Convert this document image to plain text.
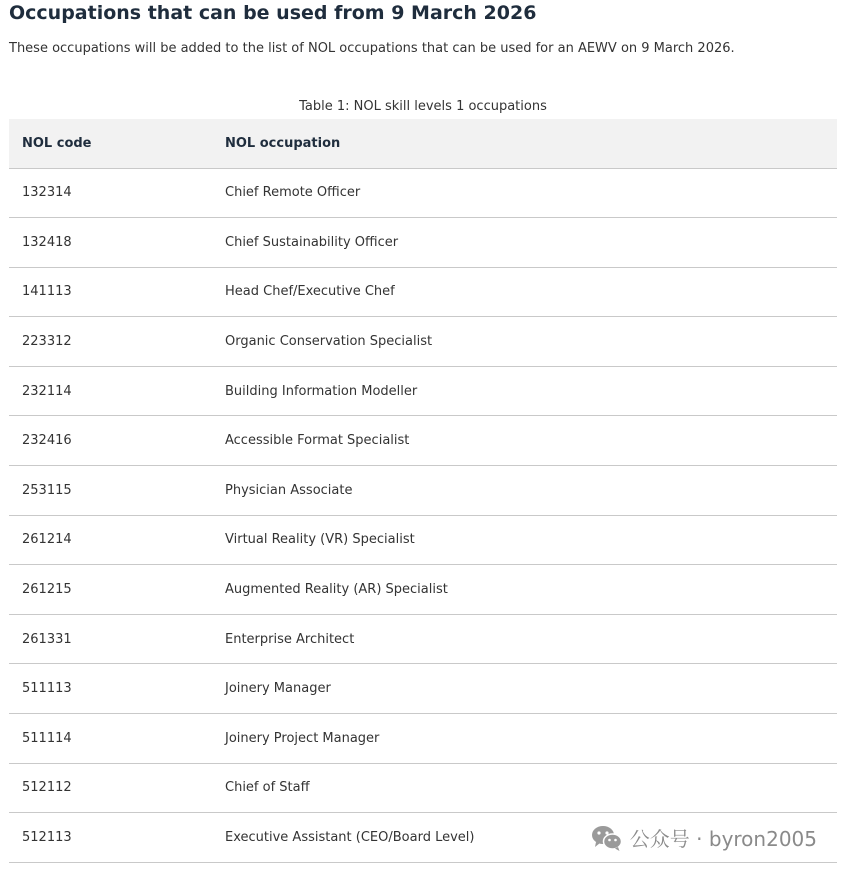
Occupations that can be used from 9 March 2026
These occupations will be added to the list of NOL occupations that can be used for an AEWV on 9 March 2026.
Table 1: NOL skill levels 1 occupations
NOL code	NOL occupation
132314	Chief Remote Officer
132418	Chief Sustainability Officer
141113	Head Chef/Executive Chef
223312	Organic Conservation Specialist
232114	Building Information Modeller
232416	Accessible Format Specialist
253115	Physician Associate
261214	Virtual Reality (VR) Specialist
261215	Augmented Reality (AR) Specialist
261331	Enterprise Architect
511113	Joinery Manager
511114	Joinery Project Manager
512112	Chief of Staff
512113	Executive Assistant (CEO/Board Level)	公众号 · byron2005
